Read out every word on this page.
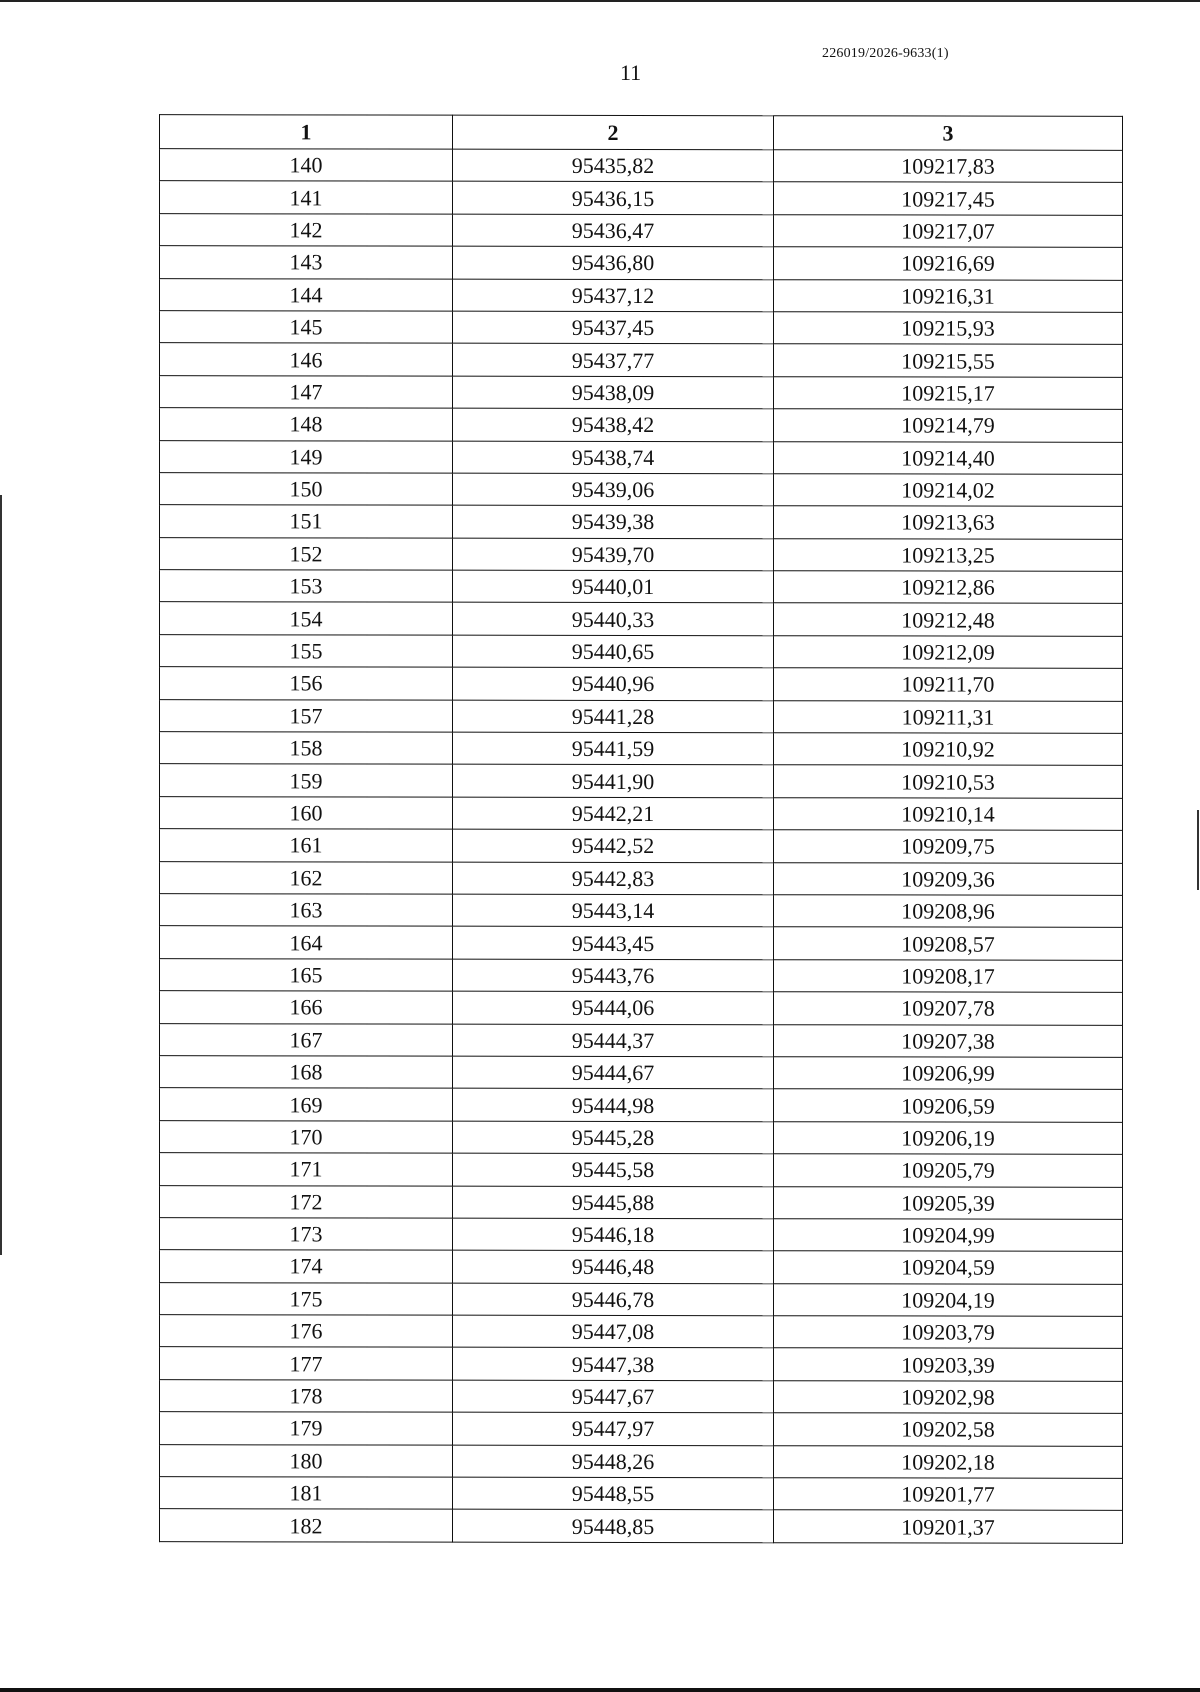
226019/2026-9633(1)
11
1	2	3
140	95435,82	109217,83
141	95436,15	109217,45
142	95436,47	109217,07
143	95436,80	109216,69
144	95437,12	109216,31
145	95437,45	109215,93
146	95437,77	109215,55
147	95438,09	109215,17
148	95438,42	109214,79
149	95438,74	109214,40
150	95439,06	109214,02
151	95439,38	109213,63
152	95439,70	109213,25
153	95440,01	109212,86
154	95440,33	109212,48
155	95440,65	109212,09
156	95440,96	109211,70
157	95441,28	109211,31
158	95441,59	109210,92
159	95441,90	109210,53
160	95442,21	109210,14
161	95442,52	109209,75
162	95442,83	109209,36
163	95443,14	109208,96
164	95443,45	109208,57
165	95443,76	109208,17
166	95444,06	109207,78
167	95444,37	109207,38
168	95444,67	109206,99
169	95444,98	109206,59
170	95445,28	109206,19
171	95445,58	109205,79
172	95445,88	109205,39
173	95446,18	109204,99
174	95446,48	109204,59
175	95446,78	109204,19
176	95447,08	109203,79
177	95447,38	109203,39
178	95447,67	109202,98
179	95447,97	109202,58
180	95448,26	109202,18
181	95448,55	109201,77
182	95448,85	109201,37
